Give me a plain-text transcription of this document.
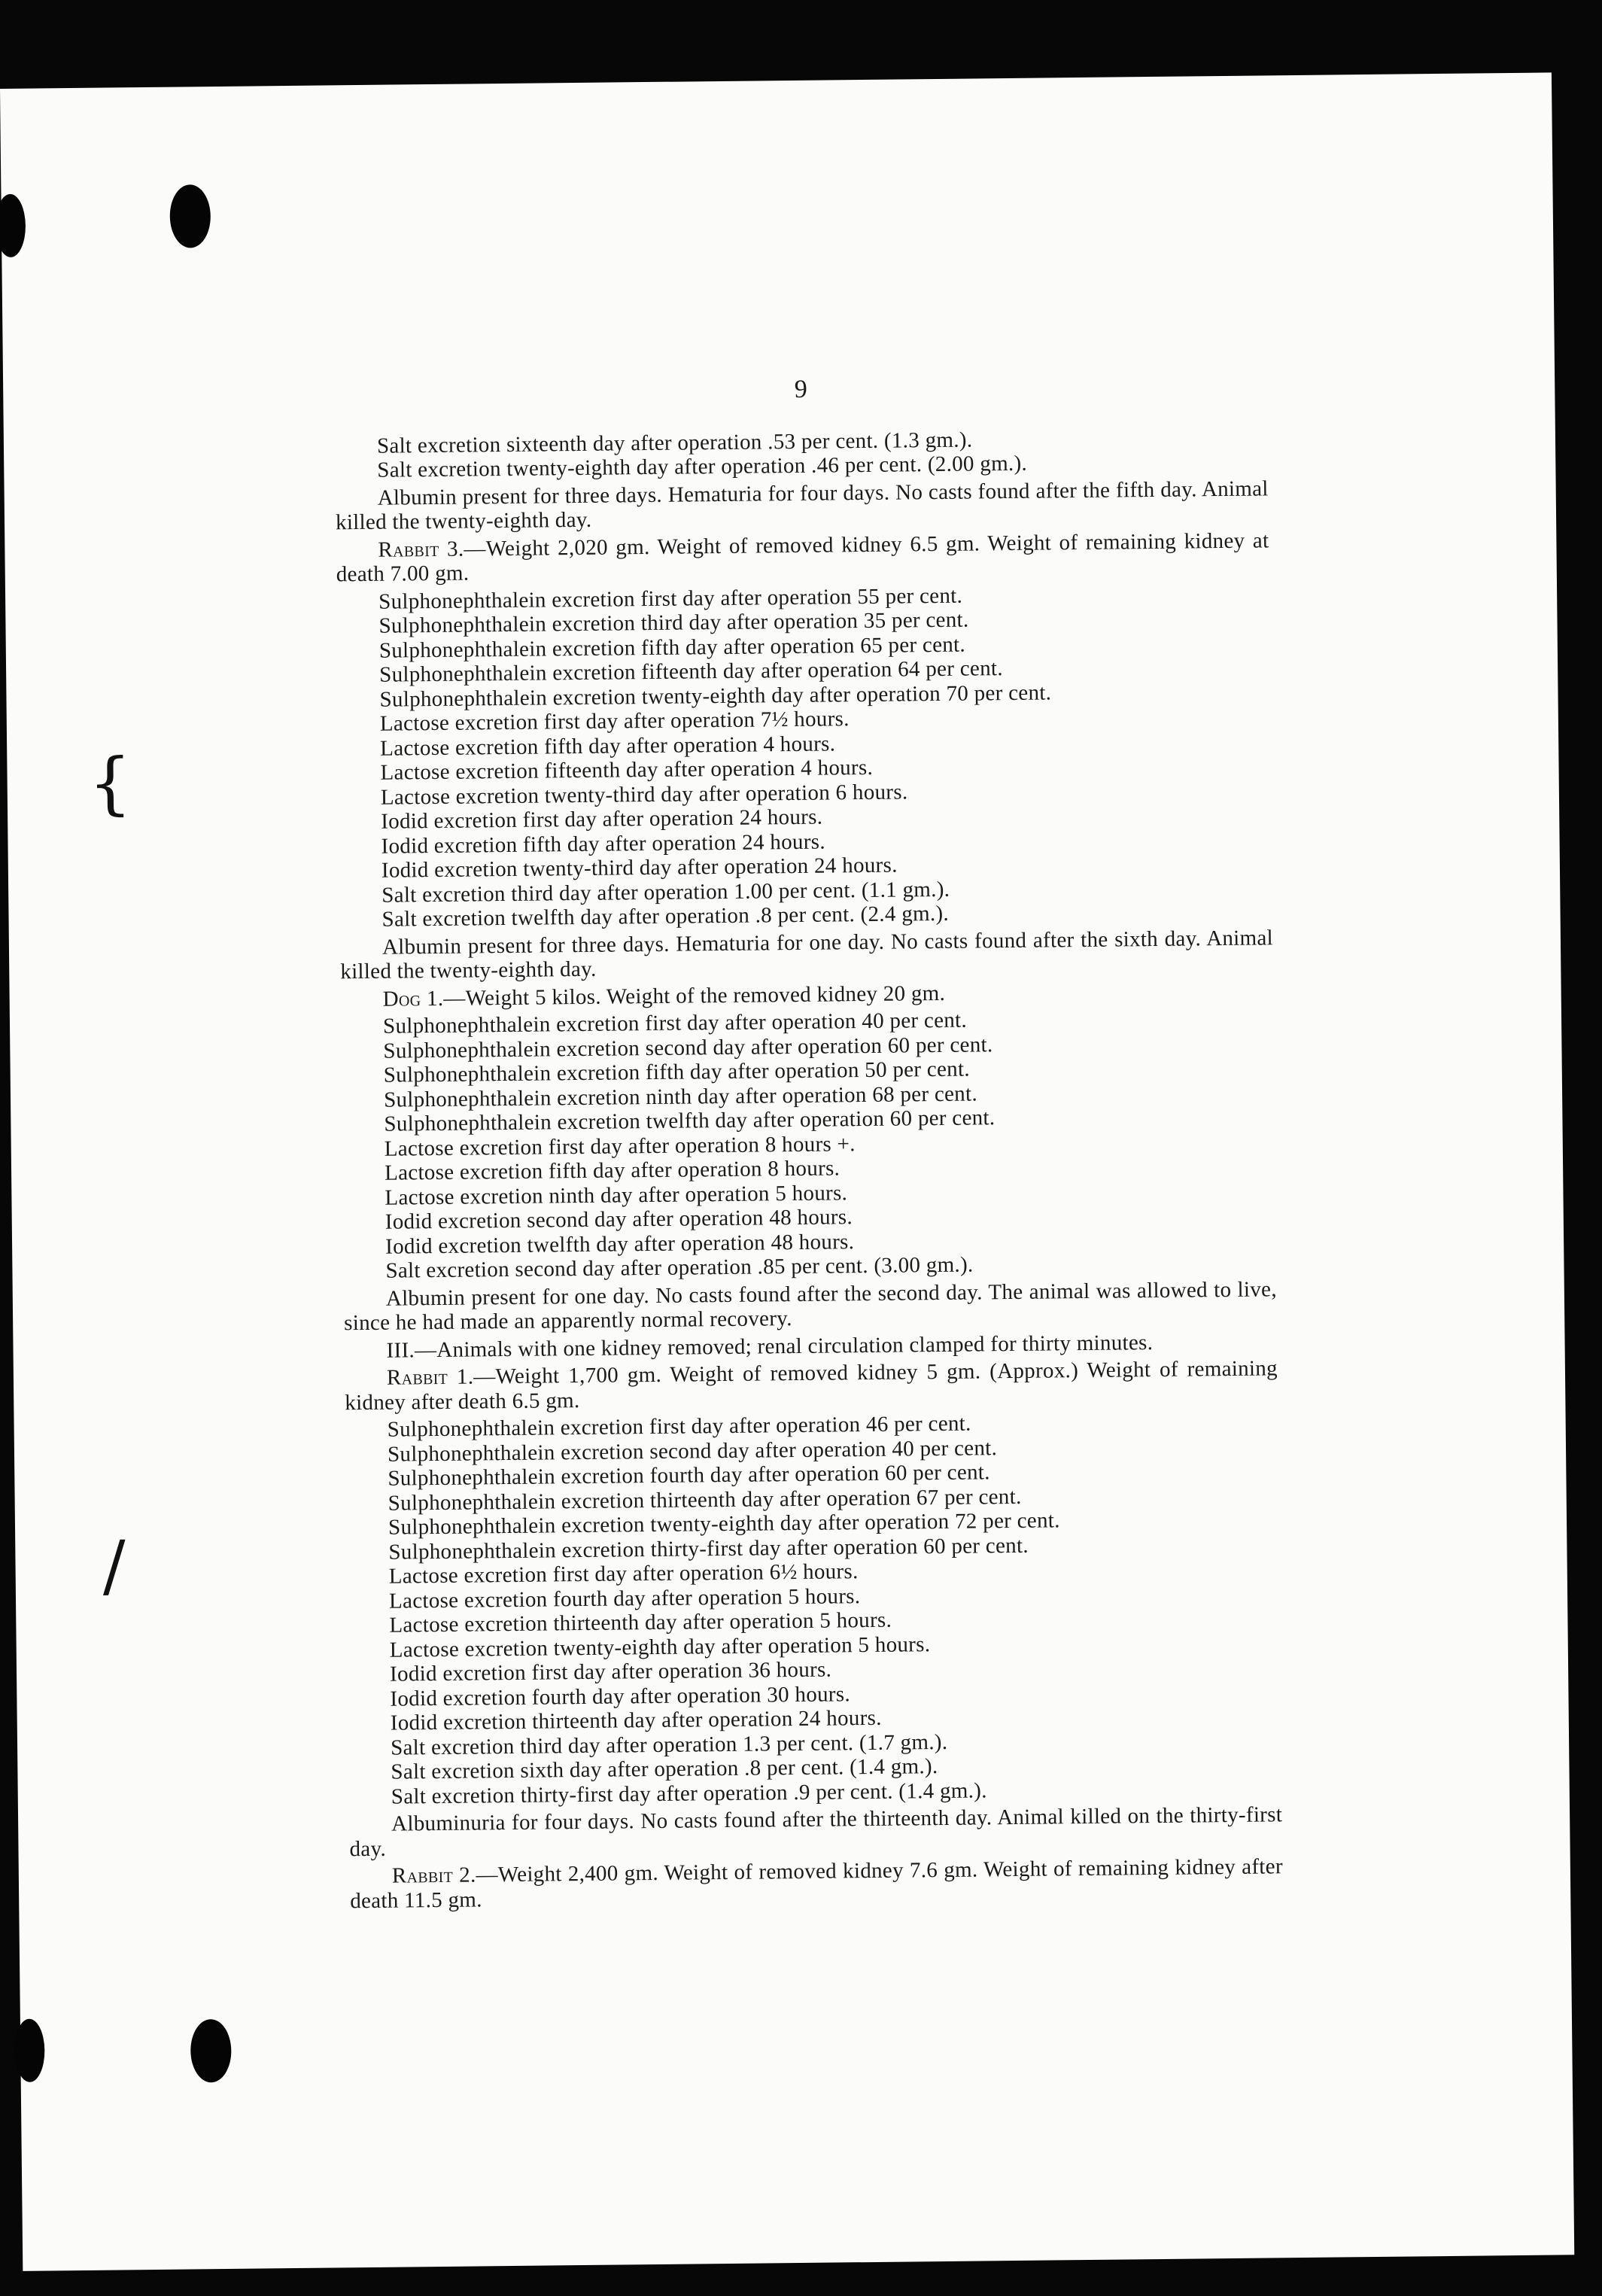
{
/
9
Salt excretion sixteenth day after operation .53 per cent. (1.3 gm.).
Salt excretion twenty-eighth day after operation .46 per cent. (2.00 gm.).
Albumin present for three days. Hematuria for four days. No casts found after the fifth day. Animal killed the twenty-eighth day.
Rabbit 3.—Weight 2,020 gm. Weight of removed kidney 6.5 gm. Weight of remaining kidney at death 7.00 gm.
Sulphonephthalein excretion first day after operation 55 per cent.
Sulphonephthalein excretion third day after operation 35 per cent.
Sulphonephthalein excretion fifth day after operation 65 per cent.
Sulphonephthalein excretion fifteenth day after operation 64 per cent.
Sulphonephthalein excretion twenty-eighth day after operation 70 per cent.
Lactose excretion first day after operation 7½ hours.
Lactose excretion fifth day after operation 4 hours.
Lactose excretion fifteenth day after operation 4 hours.
Lactose excretion twenty-third day after operation 6 hours.
Iodid excretion first day after operation 24 hours.
Iodid excretion fifth day after operation 24 hours.
Iodid excretion twenty-third day after operation 24 hours.
Salt excretion third day after operation 1.00 per cent. (1.1 gm.).
Salt excretion twelfth day after operation .8 per cent. (2.4 gm.).
Albumin present for three days. Hematuria for one day. No casts found after the sixth day. Animal killed the twenty-eighth day.
Dog 1.—Weight 5 kilos. Weight of the removed kidney 20 gm.
Sulphonephthalein excretion first day after operation 40 per cent.
Sulphonephthalein excretion second day after operation 60 per cent.
Sulphonephthalein excretion fifth day after operation 50 per cent.
Sulphonephthalein excretion ninth day after operation 68 per cent.
Sulphonephthalein excretion twelfth day after operation 60 per cent.
Lactose excretion first day after operation 8 hours +.
Lactose excretion fifth day after operation 8 hours.
Lactose excretion ninth day after operation 5 hours.
Iodid excretion second day after operation 48 hours.
Iodid excretion twelfth day after operation 48 hours.
Salt excretion second day after operation .85 per cent. (3.00 gm.).
Albumin present for one day. No casts found after the second day. The animal was allowed to live, since he had made an apparently normal recovery.
III.—Animals with one kidney removed; renal circulation clamped for thirty minutes.
Rabbit 1.—Weight 1,700 gm. Weight of removed kidney 5 gm. (Approx.) Weight of remaining kidney after death 6.5 gm.
Sulphonephthalein excretion first day after operation 46 per cent.
Sulphonephthalein excretion second day after operation 40 per cent.
Sulphonephthalein excretion fourth day after operation 60 per cent.
Sulphonephthalein excretion thirteenth day after operation 67 per cent.
Sulphonephthalein excretion twenty-eighth day after operation 72 per cent.
Sulphonephthalein excretion thirty-first day after operation 60 per cent.
Lactose excretion first day after operation 6½ hours.
Lactose excretion fourth day after operation 5 hours.
Lactose excretion thirteenth day after operation 5 hours.
Lactose excretion twenty-eighth day after operation 5 hours.
Iodid excretion first day after operation 36 hours.
Iodid excretion fourth day after operation 30 hours.
Iodid excretion thirteenth day after operation 24 hours.
Salt excretion third day after operation 1.3 per cent. (1.7 gm.).
Salt excretion sixth day after operation .8 per cent. (1.4 gm.).
Salt excretion thirty-first day after operation .9 per cent. (1.4 gm.).
Albuminuria for four days. No casts found after the thirteenth day. Animal killed on the thirty-first day.
Rabbit 2.—Weight 2,400 gm. Weight of removed kidney 7.6 gm. Weight of remaining kidney after death 11.5 gm.
